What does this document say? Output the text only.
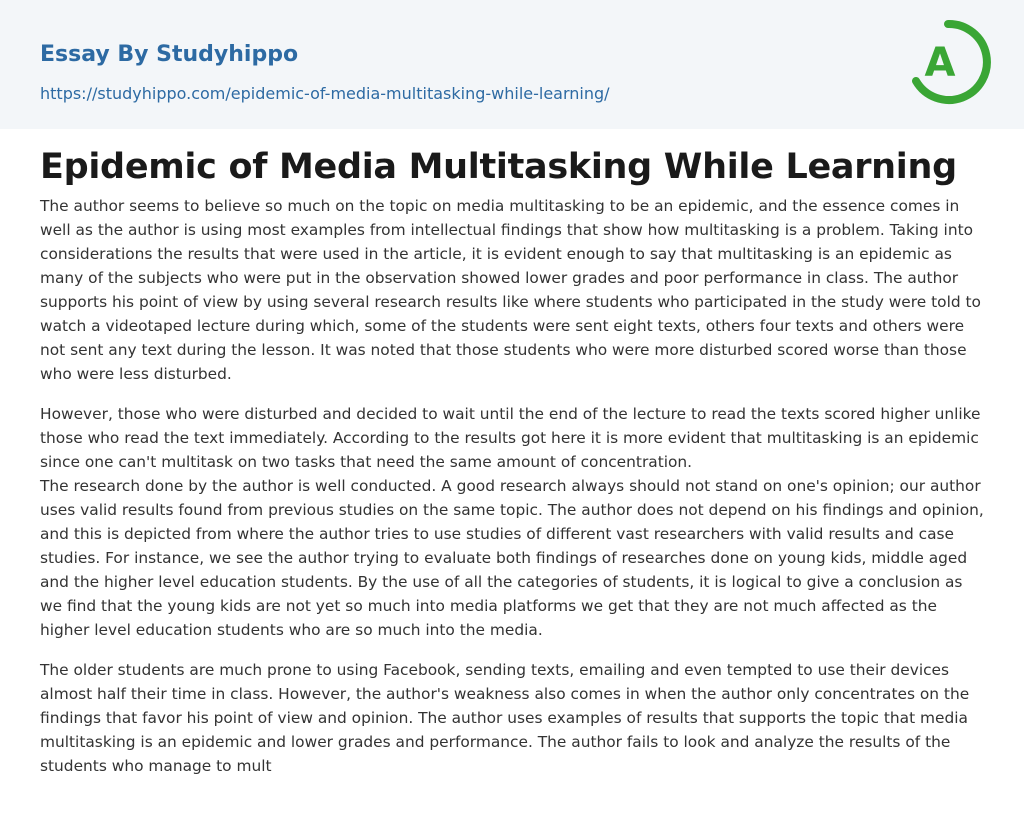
Essay By Studyhippo
https://studyhippo.com/epidemic-of-media-multitasking-while-learning/
A
Epidemic of Media Multitasking While Learning

The author seems to believe so much on the topic on media multitasking to be an epidemic, and the essence comes in well as the author is using most examples from intellectual findings that show how multitasking is a problem. Taking into considerations the results that were used in the article, it is evident enough to say that multitasking is an epidemic as many of the subjects who were put in the observation showed lower grades and poor performance in class. The author supports his point of view by using several research results like where students who participated in the study were told to watch a videotaped lecture during which, some of the students were sent eight texts, others four texts and others were not sent any text during the lesson. It was noted that those students who were more disturbed scored worse than those who were less disturbed.

However, those who were disturbed and decided to wait until the end of the lecture to read the texts scored higher unlike those who read the text immediately. According to the results got here it is more evident that multitasking is an epidemic since one can't multitask on two tasks that need the same amount of concentration.

The research done by the author is well conducted. A good research always should not stand on one's opinion; our author uses valid results found from previous studies on the same topic. The author does not depend on his findings and opinion, and this is depicted from where the author tries to use studies of different vast researchers with valid results and case studies. For instance, we see the author trying to evaluate both findings of researches done on young kids, middle aged and the higher level education students. By the use of all the categories of students, it is logical to give a conclusion as we find that the young kids are not yet so much into media platforms we get that they are not much affected as the higher level education students who are so much into the media.

The older students are much prone to using Facebook, sending texts, emailing and even tempted to use their devices almost half their time in class. However, the author's weakness also comes in when the author only concentrates on the findings that favor his point of view and opinion. The author uses examples of results that supports the topic that media multitasking is an epidemic and lower grades and performance. The author fails to look and analyze the results of the students who manage to mult
